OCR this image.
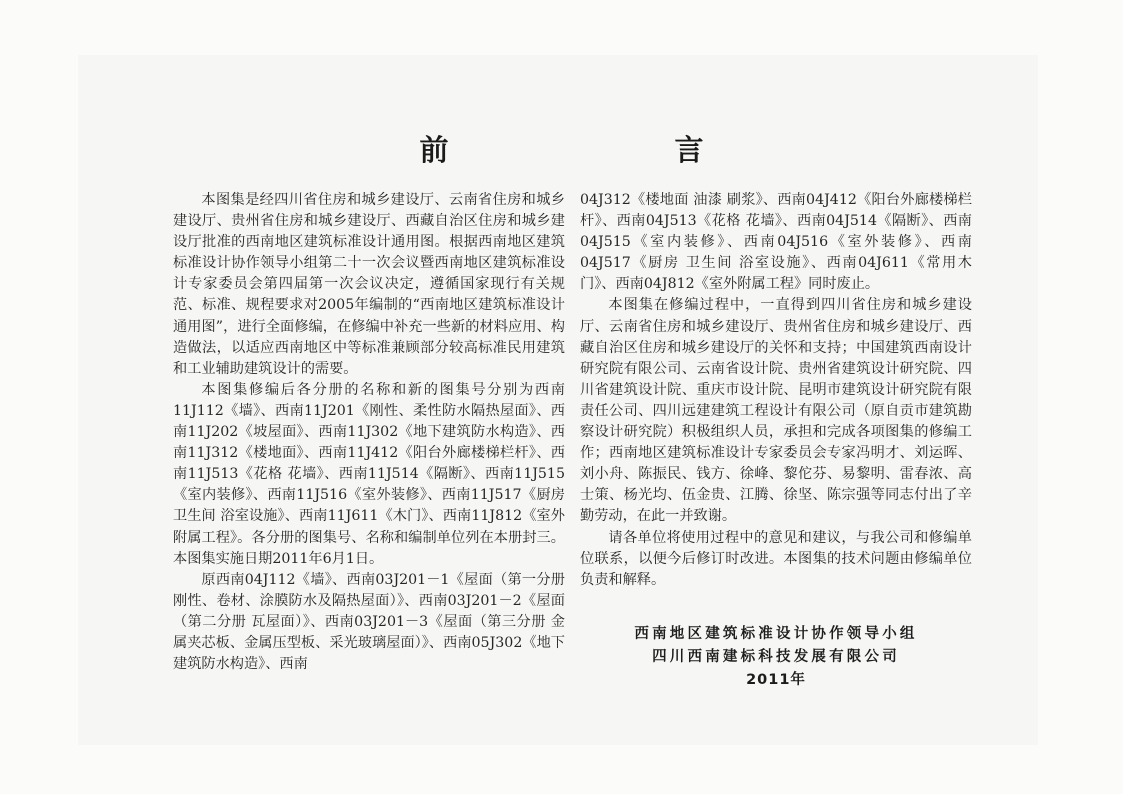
前　　言

本图集是经四川省住房和城乡建设厅、云南省住房和城乡建设厅、贵州省住房和城乡建设厅、西藏自治区住房和城乡建设厅批准的西南地区建筑标准设计通用图。根据西南地区建筑标准设计协作领导小组第二十一次会议暨西南地区建筑标准设计专家委员会第四届第一次会议决定，遵循国家现行有关规范、标准、规程要求对2005年编制的“西南地区建筑标准设计通用图”，进行全面修编，在修编中补充一些新的材料应用、构造做法，以适应西南地区中等标准兼顾部分较高标准民用建筑和工业辅助建筑设计的需要。

本图集修编后各分册的名称和新的图集号分别为西南11J112《墙》、西南11J201《刚性、柔性防水隔热屋面》、西南11J202《坡屋面》、西南11J302《地下建筑防水构造》、西南11J312《楼地面》、西南11J412《阳台外廊楼梯栏杆》、西南11J513《花格 花墙》、西南11J514《隔断》、西南11J515《室内装修》、西南11J516《室外装修》、西南11J517《厨房 卫生间 浴室设施》、西南11J611《木门》、西南11J812《室外附属工程》。各分册的图集号、名称和编制单位列在本册封三。本图集实施日期2011年6月1日。

原西南04J112《墙》、西南03J201－1《屋面（第一分册 刚性、卷材、涂膜防水及隔热屋面）》、西南03J201－2《屋面（第二分册 瓦屋面）》、西南03J201－3《屋面（第三分册 金属夹芯板、金属压型板、采光玻璃屋面）》、西南05J302《地下建筑防水构造》、西南

04J312《楼地面 油漆 刷浆》、西南04J412《阳台外廊楼梯栏杆》、西南04J513《花格 花墙》、西南04J514《隔断》、西南04J515《室内装修》、西南04J516《室外装修》、西南04J517《厨房 卫生间 浴室设施》、西南04J611《常用木门》、西南04J812《室外附属工程》同时废止。

本图集在修编过程中，一直得到四川省住房和城乡建设厅、云南省住房和城乡建设厅、贵州省住房和城乡建设厅、西藏自治区住房和城乡建设厅的关怀和支持；中国建筑西南设计研究院有限公司、云南省设计院、贵州省建筑设计研究院、四川省建筑设计院、重庆市设计院、昆明市建筑设计研究院有限责任公司、四川远建建筑工程设计有限公司（原自贡市建筑勘察设计研究院）积极组织人员，承担和完成各项图集的修编工作；西南地区建筑标准设计专家委员会专家冯明才、刘运晖、刘小舟、陈振民、钱方、徐峰、黎佗芬、易黎明、雷春浓、高士策、杨光均、伍金贵、江腾、徐坚、陈宗强等同志付出了辛勤劳动，在此一并致谢。

请各单位将使用过程中的意见和建议，与我公司和修编单位联系，以便今后修订时改进。本图集的技术问题由修编单位负责和解释。

西南地区建筑标准设计协作领导小组
四川西南建标科技发展有限公司
2011年
